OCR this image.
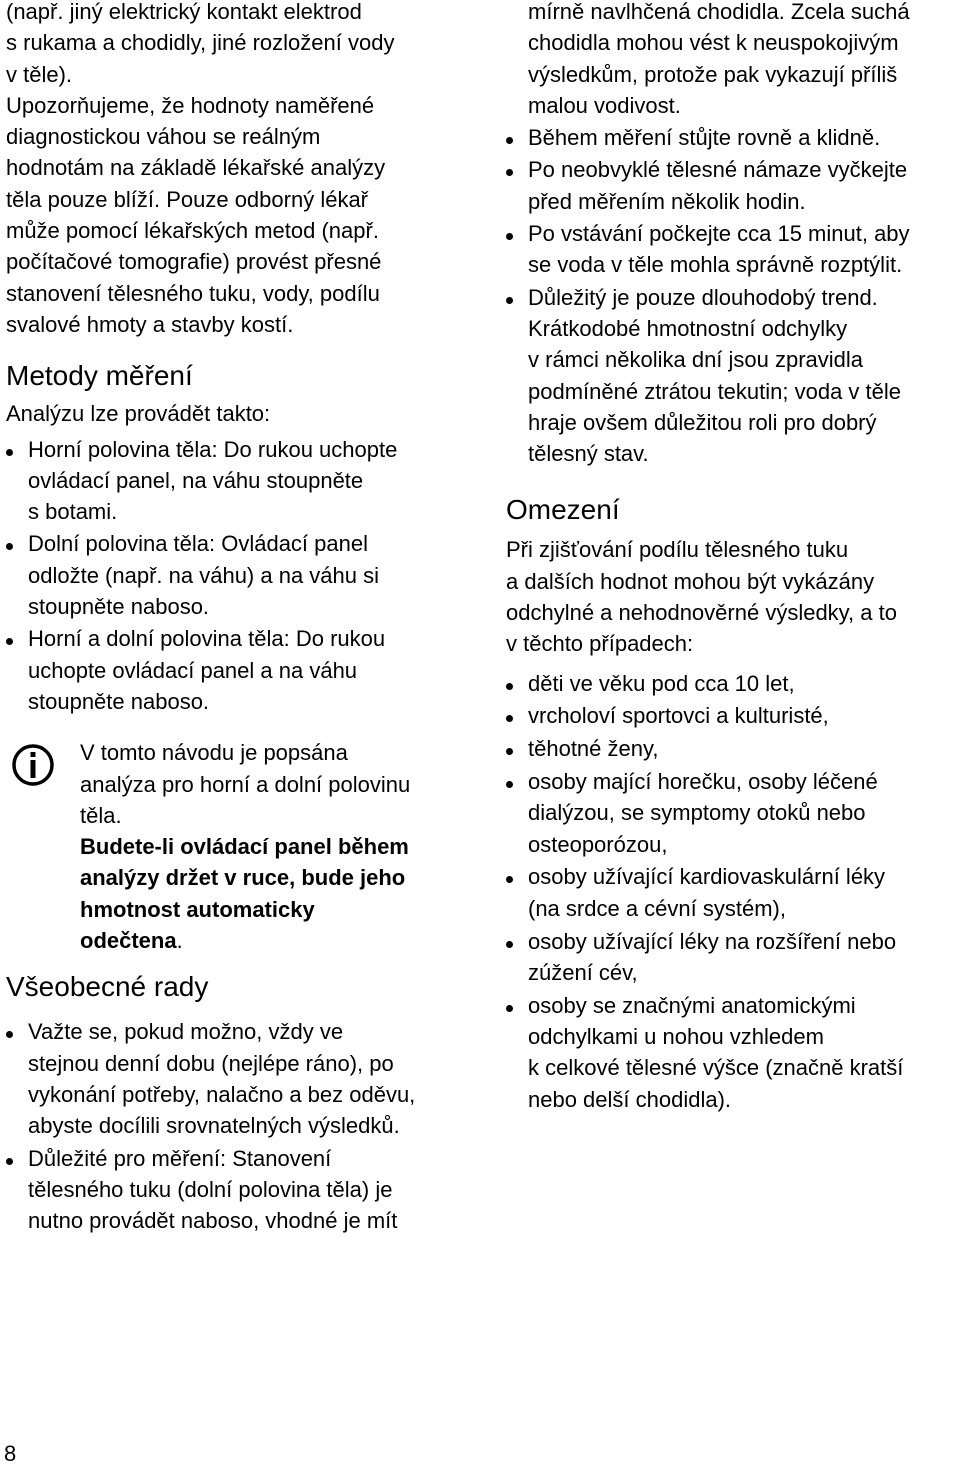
(např. jiný elektrický kontakt elektrod
s rukama a chodidly, jiné rozložení vody
v těle).
Upozorňujeme, že hodnoty naměřené
diagnostickou váhou se reálným
hodnotám na základě lékařské analýzy
těla pouze blíží. Pouze odborný lékař
může pomocí lékařských metod (např.
počítačové tomografie) provést přesné
stanovení tělesného tuku, vody, podílu
svalové hmoty a stavby kostí.

Metody měření

Analýzu lze provádět takto:

Horní polovina těla: Do rukou uchopte
ovládací panel, na váhu stoupněte
s botami.
Dolní polovina těla: Ovládací panel
odložte (např. na váhu) a na váhu si
stoupněte naboso.
Horní a dolní polovina těla: Do rukou
uchopte ovládací panel a na váhu
stoupněte naboso.
V tomto návodu je popsána
analýza pro horní a dolní polovinu
těla.
Budete-li ovládací panel během
analýzy držet v ruce, bude jeho
hmotnost automaticky
odečtena.
Všeobecné rady
Važte se, pokud možno, vždy ve
stejnou denní dobu (nejlépe ráno), po
vykonání potřeby, nalačno a bez oděvu,
abyste docílili srovnatelných výsledků.
Důležité pro měření: Stanovení
tělesného tuku (dolní polovina těla) je
nutno provádět naboso, vhodné je mít

mírně navlhčená chodidla. Zcela suchá
chodidla mohou vést k neuspokojivým
výsledkům, protože pak vykazují příliš
malou vodivost.

Během měření stůjte rovně a klidně.
Po neobvyklé tělesné námaze vyčkejte
před měřením několik hodin.
Po vstávání počkejte cca 15 minut, aby
se voda v těle mohla správně rozptýlit.
Důležitý je pouze dlouhodobý trend.
Krátkodobé hmotnostní odchylky
v rámci několika dní jsou zpravidla
podmíněné ztrátou tekutin; voda v těle
hraje ovšem důležitou roli pro dobrý
tělesný stav.
Omezení

Při zjišťování podílu tělesného tuku
a dalších hodnot mohou být vykázány
odchylné a nehodnověrné výsledky, a to
v těchto případech:

děti ve věku pod cca 10 let,
vrcholoví sportovci a kulturisté,
těhotné ženy,
osoby mající horečku, osoby léčené
dialýzou, se symptomy otoků nebo
osteoporózou,
osoby užívající kardiovaskulární léky
(na srdce a cévní systém),
osoby užívající léky na rozšíření nebo
zúžení cév,
osoby se značnými anatomickými
odchylkami u nohou vzhledem
k celkové tělesné výšce (značně kratší
nebo delší chodidla).
8
